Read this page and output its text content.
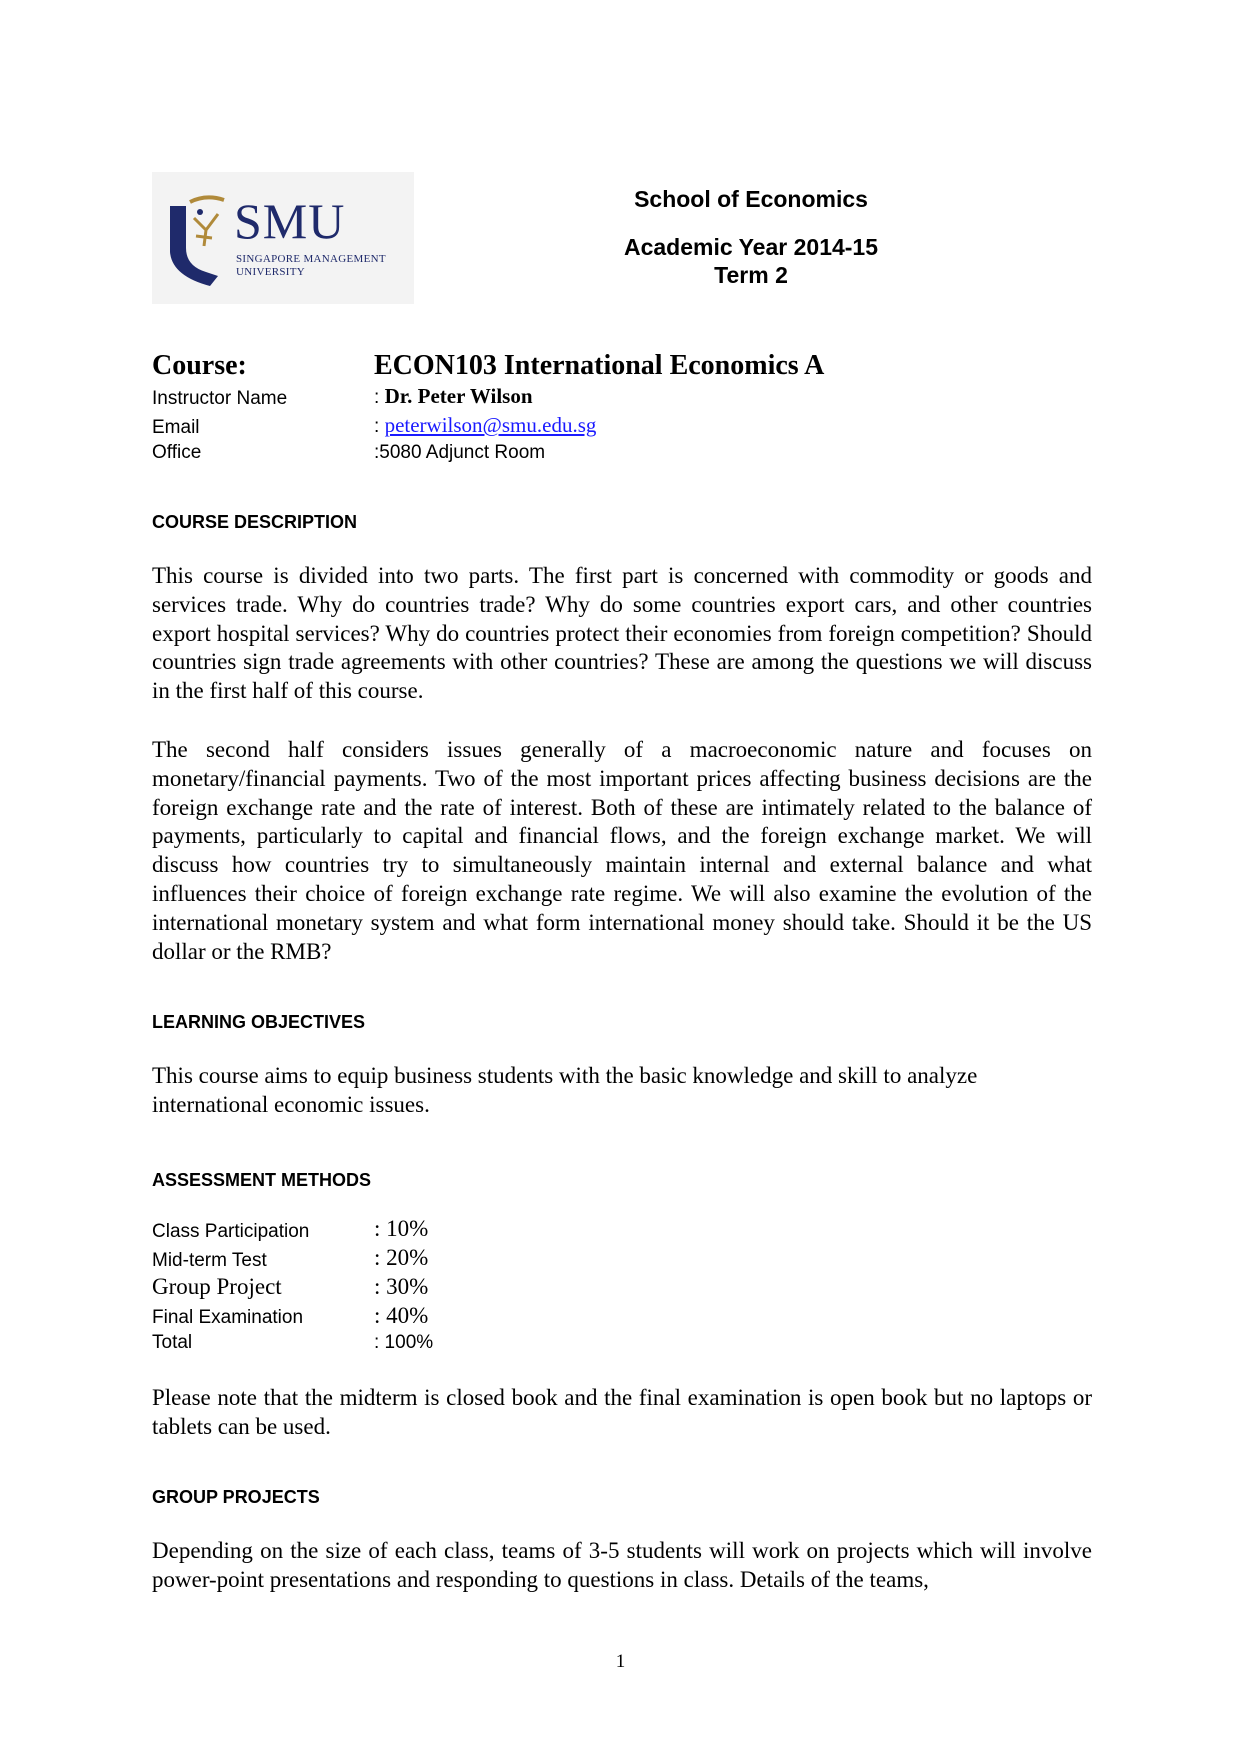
SMU
SINGAPORE MANAGEMENT
UNIVERSITY
School of Economics
Academic Year 2014-15
Term 2
Course:	ECON103 International Economics A
Instructor Name	: Dr. Peter Wilson
Email	: peterwilson@smu.edu.sg
Office	:5080 Adjunct Room
COURSE DESCRIPTION
This course is divided into two parts. The first part is concerned with commodity or goods and services trade. Why do countries trade? Why do some countries export cars, and other countries export hospital services? Why do countries protect their economies from foreign competition? Should countries sign trade agreements with other countries? These are among the questions we will discuss in the first half of this course.
The second half considers issues generally of a macroeconomic nature and focuses on monetary/financial payments. Two of the most important prices affecting business decisions are the foreign exchange rate and the rate of interest. Both of these are intimately related to the balance of payments, particularly to capital and financial flows, and the foreign exchange market. We will discuss how countries try to simultaneously maintain internal and external balance and what influences their choice of foreign exchange rate regime. We will also examine the evolution of the international monetary system and what form international money should take. Should it be the US dollar or the RMB?
LEARNING OBJECTIVES
This course aims to equip business students with the basic knowledge and skill to analyze international economic issues.
ASSESSMENT METHODS
Class Participation	: 10%
Mid-term Test	: 20%
Group Project	: 30%
Final Examination	: 40%
Total	: 100%
Please note that the midterm is closed book and the final examination is open book but no laptops or tablets can be used.
GROUP PROJECTS
Depending on the size of each class, teams of 3-5 students will work on projects which will involve power-point presentations and responding to questions in class. Details of the teams,
1
